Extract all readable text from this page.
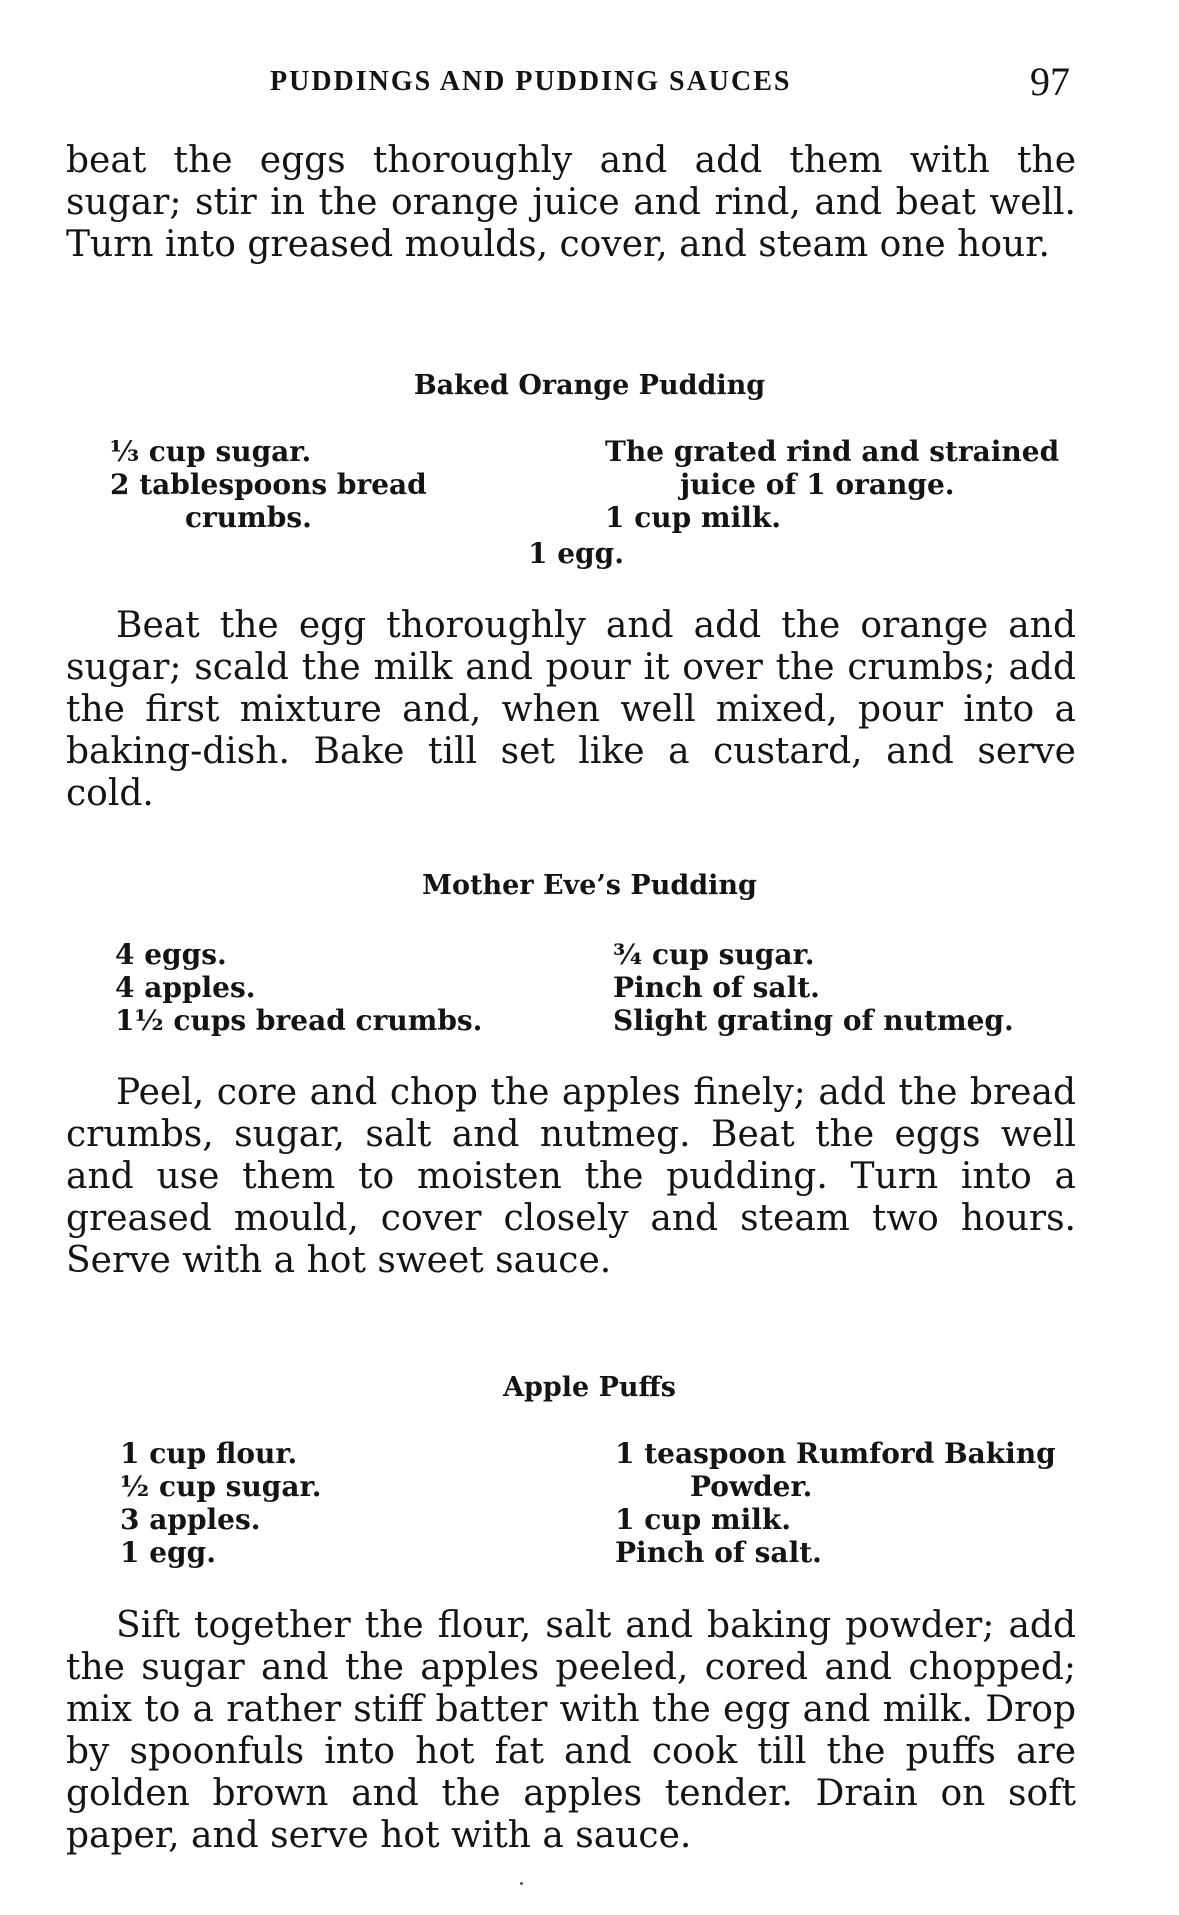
PUDDINGS AND PUDDING SAUCES	97

beat the eggs thoroughly and add them with the sugar; stir in the orange juice and rind, and beat well. Turn into greased moulds, cover, and steam one hour.

Baked Orange Pudding
⅓ cup sugar.
2 tablespoons bread
crumbs.
The grated rind and strained
juice of 1 orange.
1 cup milk.
1 egg.

Beat the egg thoroughly and add the orange and sugar; scald the milk and pour it over the crumbs; add the first mixture and, when well mixed, pour into a baking-dish. Bake till set like a custard, and serve cold.

Mother Eve’s Pudding
4 eggs.
4 apples.
1½ cups bread crumbs.
¾ cup sugar.
Pinch of salt.
Slight grating of nutmeg.

Peel, core and chop the apples finely; add the bread crumbs, sugar, salt and nutmeg. Beat the eggs well and use them to moisten the pudding. Turn into a greased mould, cover closely and steam two hours. Serve with a hot sweet sauce.

Apple Puffs
1 cup flour.
½ cup sugar.
3 apples.
1 egg.
1 teaspoon Rumford Baking
Powder.
1 cup milk.
Pinch of salt.

Sift together the flour, salt and baking powder; add the sugar and the apples peeled, cored and chopped; mix to a rather stiff batter with the egg and milk. Drop by spoonfuls into hot fat and cook till the puffs are golden brown and the apples tender. Drain on soft paper, and serve hot with a sauce.
